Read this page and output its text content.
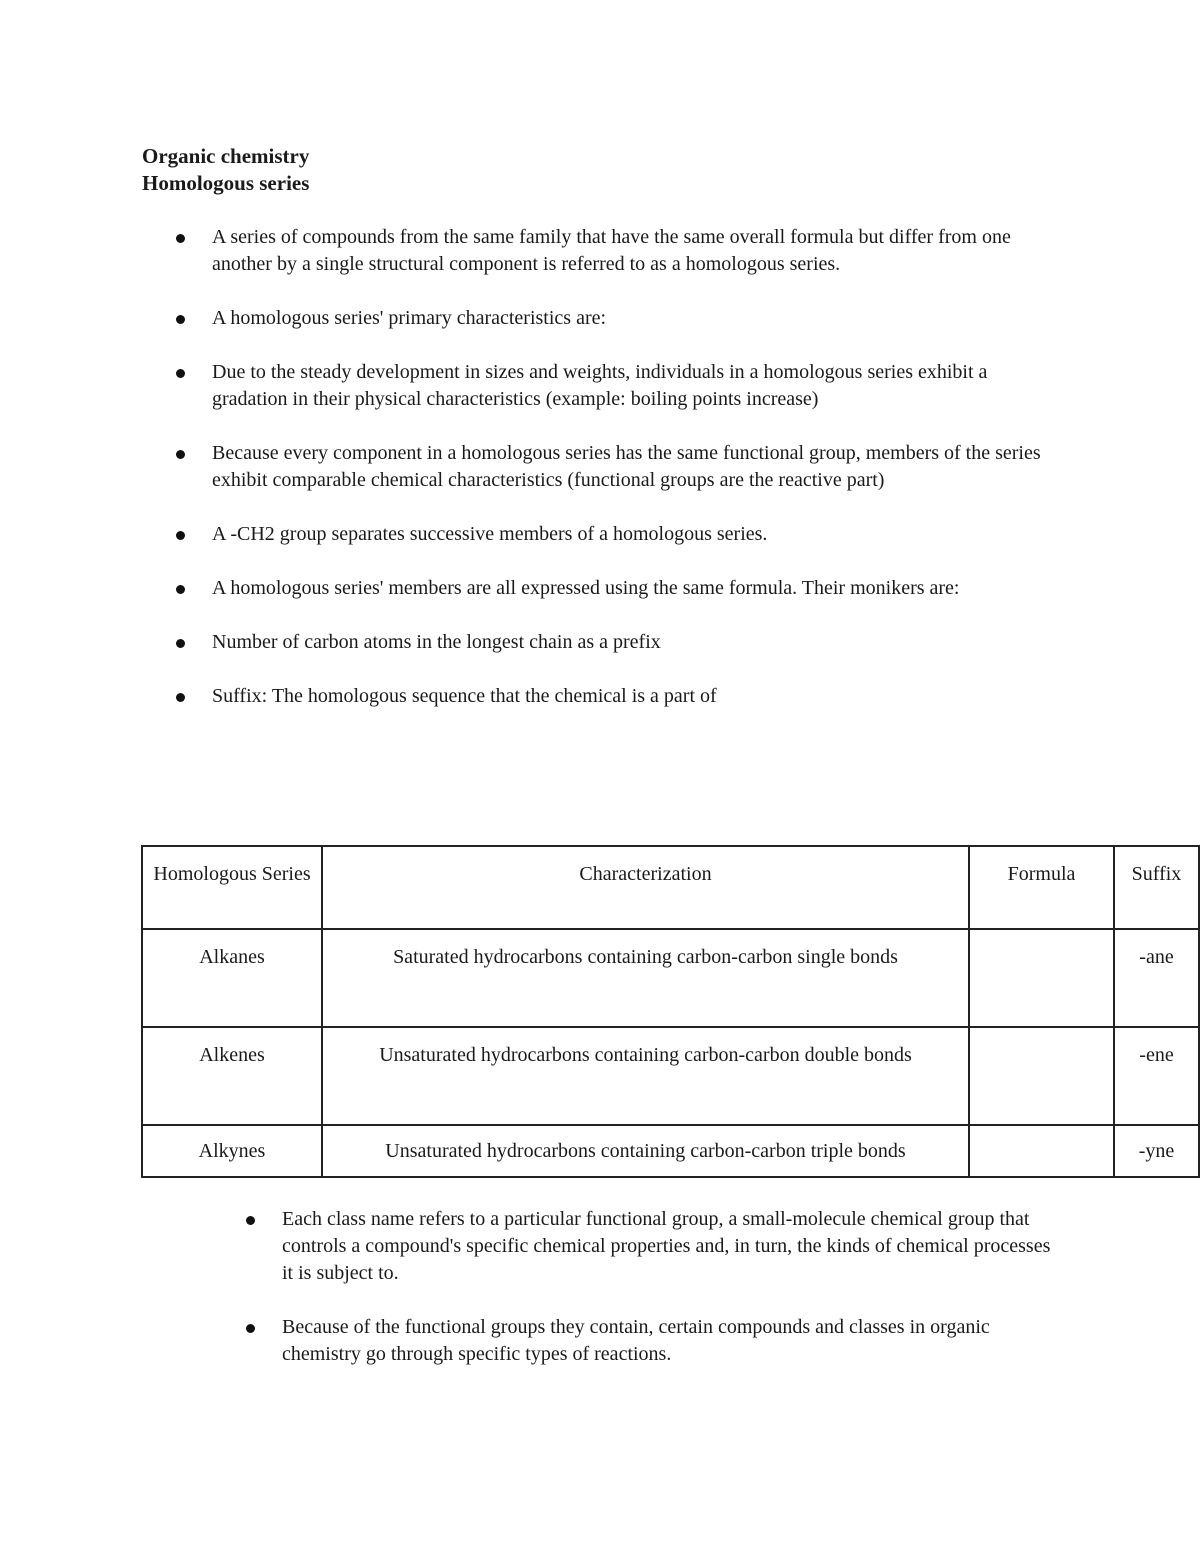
Organic chemistry

Homologous series

A series of compounds from the same family that have the same overall formula but differ from one another by a single structural component is referred to as a homologous series.
A homologous series' primary characteristics are:
Due to the steady development in sizes and weights, individuals in a homologous series exhibit a gradation in their physical characteristics (example: boiling points increase)
Because every component in a homologous series has the same functional group, members of the series exhibit comparable chemical characteristics (functional groups are the reactive part)
A -CH2 group separates successive members of a homologous series.
A homologous series' members are all expressed using the same formula. Their monikers are:
Number of carbon atoms in the longest chain as a prefix
Suffix: The homologous sequence that the chemical is a part of
Homologous Series	Characterization	Formula	Suffix
Alkanes	Saturated hydrocarbons containing carbon-carbon single bonds		-ane
Alkenes	Unsaturated hydrocarbons containing carbon-carbon double bonds		-ene
Alkynes	Unsaturated hydrocarbons containing carbon-carbon triple bonds		-yne
Each class name refers to a particular functional group, a small-molecule chemical group that controls a compound's specific chemical properties and, in turn, the kinds of chemical processes it is subject to.
Because of the functional groups they contain, certain compounds and classes in organic chemistry go through specific types of reactions.
